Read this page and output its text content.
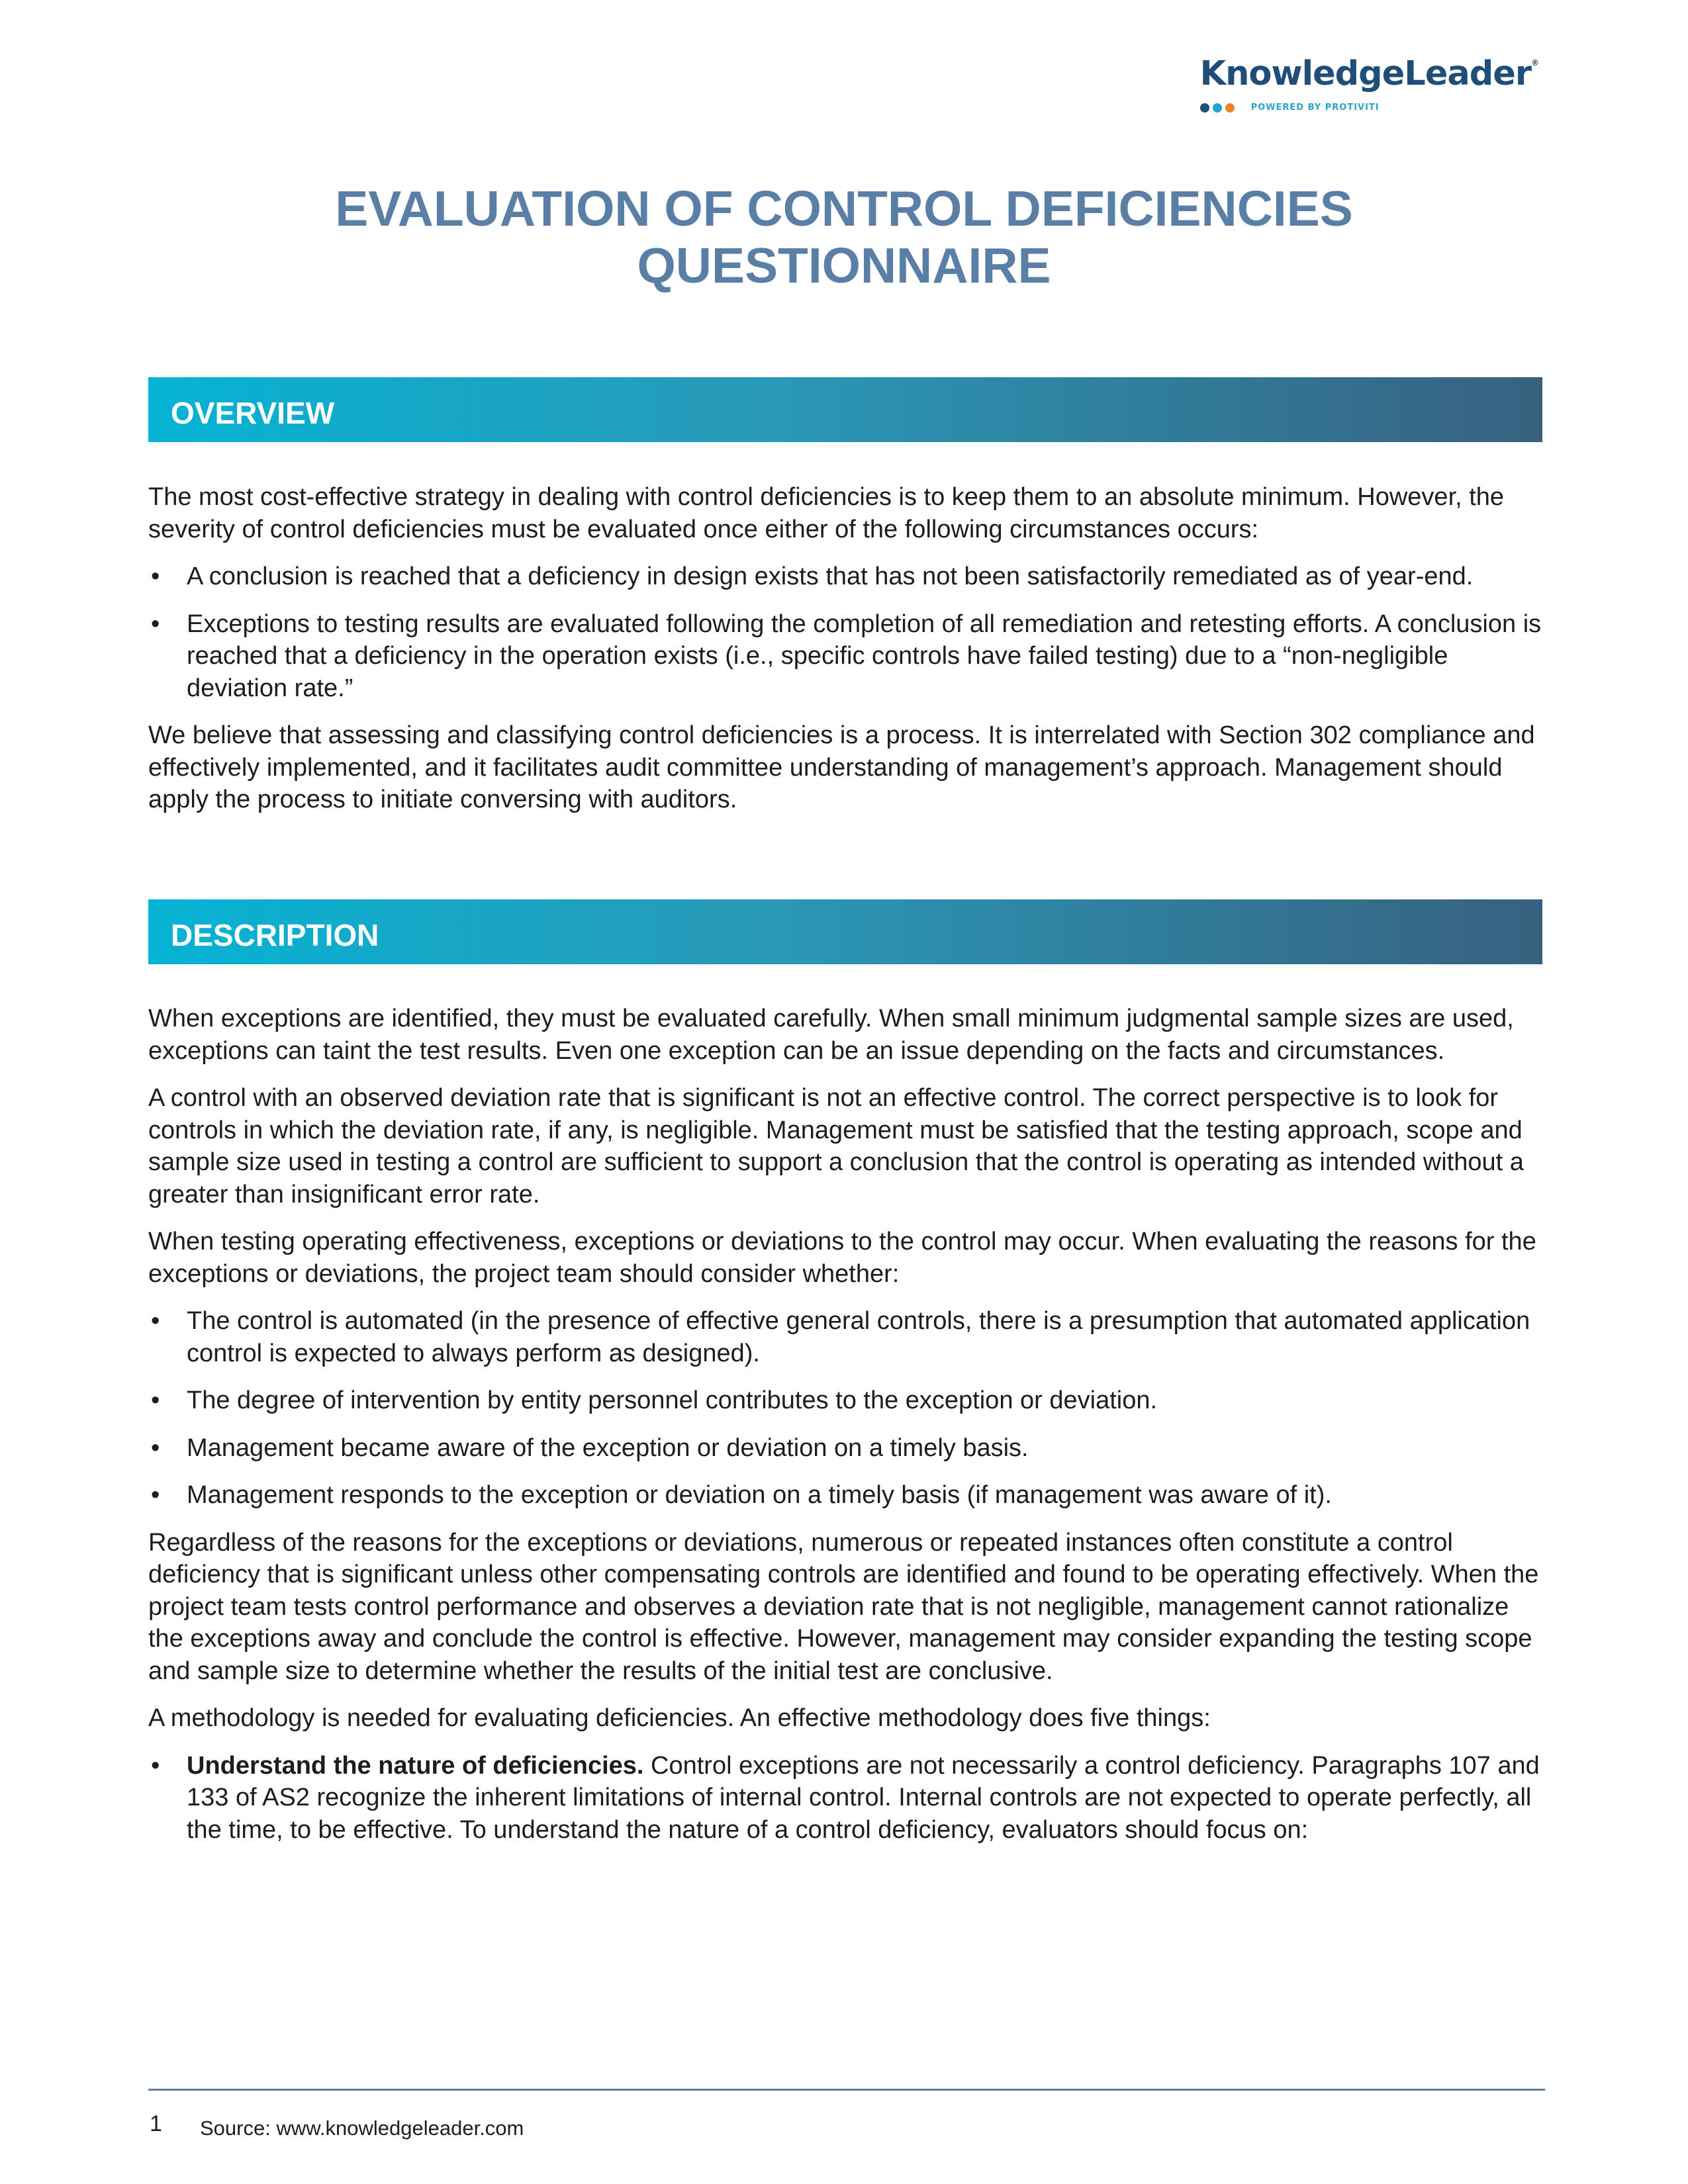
KnowledgeLeader®
POWERED BY PROTIVITI
EVALUATION OF CONTROL DEFICIENCIES
QUESTIONNAIRE
OVERVIEW

The most cost-effective strategy in dealing with control deficiencies is to keep them to an absolute minimum. However, the severity of control deficiencies must be evaluated once either of the following circumstances occurs:

• A conclusion is reached that a deficiency in design exists that has not been satisfactorily remediated as of year-end.
• Exceptions to testing results are evaluated following the completion of all remediation and retesting efforts. A conclusion is reached that a deficiency in the operation exists (i.e., specific controls have failed testing) due to a “non-negligible deviation rate.”

We believe that assessing and classifying control deficiencies is a process. It is interrelated with Section 302 compliance and effectively implemented, and it facilitates audit committee understanding of management’s approach. Management should apply the process to initiate conversing with auditors.

DESCRIPTION

When exceptions are identified, they must be evaluated carefully. When small minimum judgmental sample sizes are used, exceptions can taint the test results. Even one exception can be an issue depending on the facts and circumstances.

A control with an observed deviation rate that is significant is not an effective control. The correct perspective is to look for controls in which the deviation rate, if any, is negligible. Management must be satisfied that the testing approach, scope and sample size used in testing a control are sufficient to support a conclusion that the control is operating as intended without a greater than insignificant error rate.

When testing operating effectiveness, exceptions or deviations to the control may occur. When evaluating the reasons for the exceptions or deviations, the project team should consider whether:

• The control is automated (in the presence of effective general controls, there is a presumption that automated application control is expected to always perform as designed).
• The degree of intervention by entity personnel contributes to the exception or deviation.
• Management became aware of the exception or deviation on a timely basis.
• Management responds to the exception or deviation on a timely basis (if management was aware of it).

Regardless of the reasons for the exceptions or deviations, numerous or repeated instances often constitute a control deficiency that is significant unless other compensating controls are identified and found to be operating effectively. When the project team tests control performance and observes a deviation rate that is not negligible, management cannot rationalize the exceptions away and conclude the control is effective. However, management may consider expanding the testing scope and sample size to determine whether the results of the initial test are conclusive.

A methodology is needed for evaluating deficiencies. An effective methodology does five things:

• Understand the nature of deficiencies. Control exceptions are not necessarily a control deficiency. Paragraphs 107 and 133 of AS2 recognize the inherent limitations of internal control. Internal controls are not expected to operate perfectly, all the time, to be effective. To understand the nature of a control deficiency, evaluators should focus on:
1 Source: www.knowledgeleader.com
